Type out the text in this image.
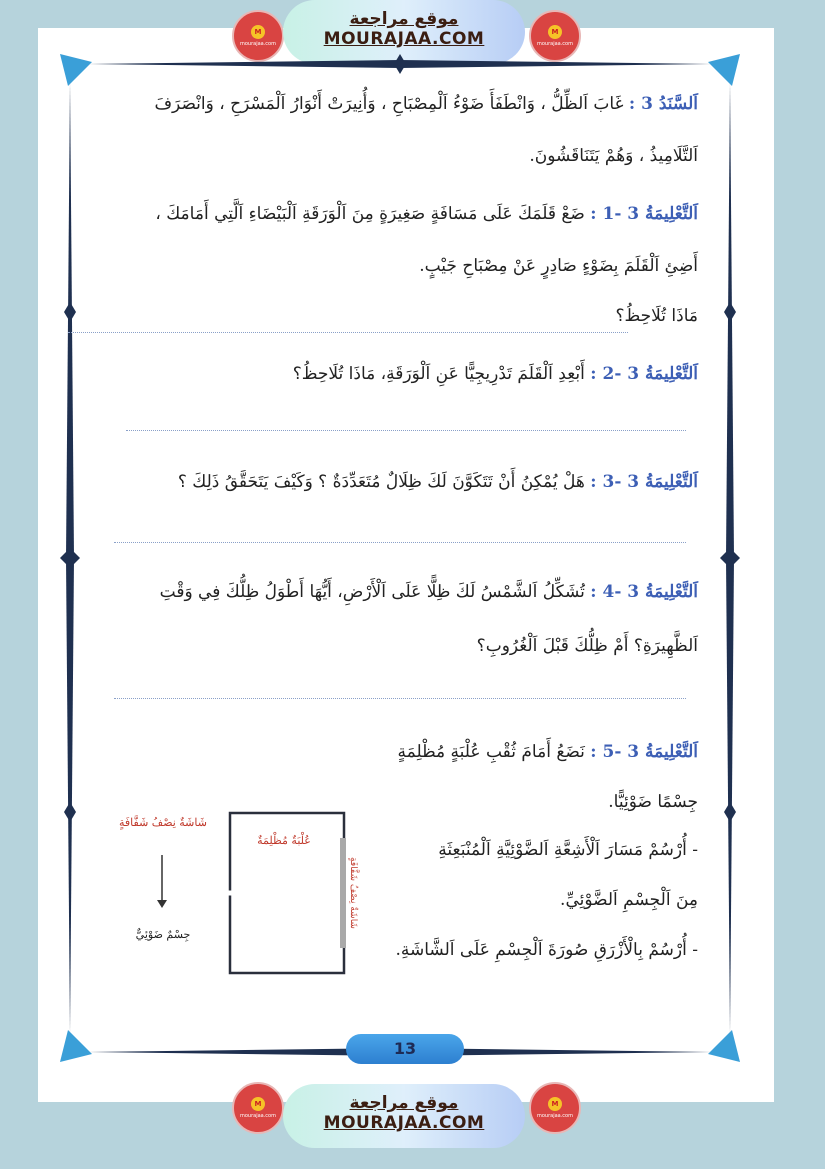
M
mourajaa.com
موقع مراجعة
MOURAJAA.COM	M
mourajaa.com
اَلسَّنَدُ 3 : غَابَ اَلظِّلُّ ، وَانْطَفَأَ ضَوْءُ اَلْمِصْبَاحِ ، وَأُنِيرَتْ أَنْوَارُ اَلْمَسْرَحِ ، وَانْصَرَفَ
اَلتَّلَامِيذُ ، وَهُمْ يَتَنَاقَشُونَ.
اَلتَّعْلِيمَةُ 3 -1 : ضَعْ قَلَمَكَ عَلَى مَسَافَةٍ صَغِيرَةٍ مِنَ اَلْوَرَقَةِ اَلْبَيْضَاءِ اَلَّتِي أَمَامَكَ ،
أَضِئِ اَلْقَلَمَ بِضَوْءٍ صَادِرٍ عَنْ مِصْبَاحِ جَيْبٍ.
مَاذَا تُلَاحِظُ؟
اَلتَّعْلِيمَةُ 3 -2 : أَبْعِدِ اَلْقَلَمَ تَدْرِيجِيًّا عَنِ اَلْوَرَقَةِ، مَاذَا تُلَاحِظُ؟
اَلتَّعْلِيمَةُ 3 -3 : هَلْ يُمْكِنُ أَنْ تَتَكَوَّنَ لَكَ ظِلَالٌ مُتَعَدِّدَةٌ ؟ وَكَيْفَ يَتَحَقَّقُ ذَلِكَ ؟
اَلتَّعْلِيمَةُ 3 -4 : تُشَكِّلُ اَلشَّمْسُ لَكَ ظِلًّا عَلَى اَلْأَرْضِ، أَيُّهَا أَطْوَلُ ظِلُّكَ فِي وَقْتِ
اَلظَّهِيرَةِ؟ أَمْ ظِلُّكَ قَبْلَ اَلْغُرُوبِ؟
اَلتَّعْلِيمَةُ 3 -5 : نَضَعُ أَمَامَ ثُقْبِ عُلْبَةٍ مُظْلِمَةٍ
جِسْمًا ضَوْئِيًّا.
- أُرْسُمْ مَسَارَ اَلْأَشِعَّةِ اَلضَّوْئِيَّةِ اَلْمُنْبَعِثَةِ
مِنَ اَلْجِسْمِ اَلضَّوْئِيِّ.
- أُرْسُمْ بِالْأَزْرَقِ صُورَةَ اَلْجِسْمِ عَلَى اَلشَّاشَةِ.
شَاشَةٌ نِصْفُ شَفَّافَةٍ
عُلْبَةٌ مُظْلِمَةٌ
جِسْمٌ ضَوْئِيٌّ
شَاشَةٌ نِصْفُ شَفَّافَةٍ
13
M
mourajaa.com
موقع مراجعة
MOURAJAA.COM
M
mourajaa.com
